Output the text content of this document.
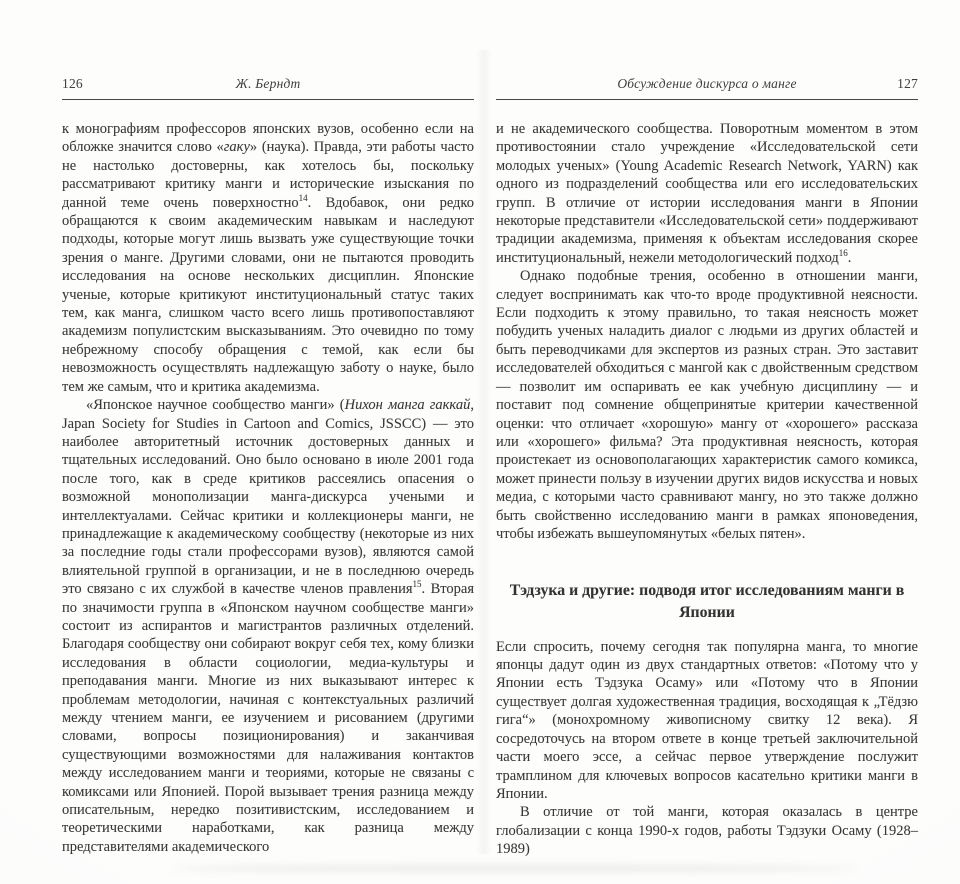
126	Ж. Берндт

к монографиям профессоров японских вузов, особенно если на обложке значится слово «гаку» (наука). Правда, эти работы часто не настолько достоверны, как хотелось бы, поскольку рассматривают критику манги и исторические изыскания по данной теме очень поверхностно$^{14}$. Вдобавок, они редко обращаются к своим академическим навыкам и наследуют подходы, которые могут лишь вызвать уже существующие точки зрения о манге. Другими словами, они не пытаются проводить исследования на основе нескольких дисциплин. Японские ученые, которые критикуют институциональный статус таких тем, как манга, слишком часто всего лишь противопоставляют академизм популистским высказываниям. Это очевидно по тому небрежному способу обращения с темой, как если бы невозможность осуществлять надлежащую заботу о науке, было тем же самым, что и критика академизма.

«Японское научное сообщество манги» (Нихон манга гаккай, Japan Society for Studies in Cartoon and Comics, JSSCC) — это наиболее авторитетный источник достоверных данных и тщательных исследований. Оно было основано в июле 2001 года после того, как в среде критиков рассеялись опасения о возможной монополизации манга-дискурса учеными и интеллектуалами. Сейчас критики и коллекционеры манги, не принадлежащие к академическому сообществу (некоторые из них за последние годы стали профессорами вузов), являются самой влиятельной группой в организации, и не в последнюю очередь это связано с их службой в качестве членов правления$^{15}$. Вторая по значимости группа в «Японском научном сообществе манги» состоит из аспирантов и магистрантов различных отделений. Благодаря сообществу они собирают вокруг себя тех, кому близки исследования в области социологии, медиа-культуры и преподавания манги. Многие из них выказывают интерес к проблемам методологии, начиная с контекстуальных различий между чтением манги, ее изучением и рисованием (другими словами, вопросы позиционирования) и заканчивая существующими возможностями для налаживания контактов между исследованием манги и теориями, которые не связаны с комиксами или Японией. Порой вызывает трения разница между описательным, нередко позитивистским, исследованием и теоретическими наработками, как разница между представителями академического

Обсуждение дискурса о манге	127

и не академического сообщества. Поворотным моментом в этом противостоянии стало учреждение «Исследовательской сети молодых ученых» (Young Academic Research Network, YARN) как одного из подразделений сообщества или его исследовательских групп. В отличие от истории исследования манги в Японии некоторые представители «Исследовательской сети» поддерживают традиции академизма, применяя к объектам исследования скорее институциональный, нежели методологический подход$^{16}$.

Однако подобные трения, особенно в отношении манги, следует воспринимать как что-то вроде продуктивной неясности. Если подходить к этому правильно, то такая неясность может побудить ученых наладить диалог с людьми из других областей и быть переводчиками для экспертов из разных стран. Это заставит исследователей обходиться с мангой как с двойственным средством — позволит им оспаривать ее как учебную дисциплину — и поставит под сомнение общепринятые критерии качественной оценки: что отличает «хорошую» мангу от «хорошего» рассказа или «хорошего» фильма? Эта продуктивная неясность, которая проистекает из основополагающих характеристик самого комикса, может принести пользу в изучении других видов искусства и новых медиа, с которыми часто сравнивают мангу, но это также должно быть свойственно исследованию манги в рамках японоведения, чтобы избежать вышеупомянутых «белых пятен».

Тэдзука и другие: подводя итог исследованиям манги в Японии

Если спросить, почему сегодня так популярна манга, то многие японцы дадут один из двух стандартных ответов: «Потому что у Японии есть Тэдзука Осаму» или «Потому что в Японии существует долгая художественная традиция, восходящая к „Тёдзю гига“» (монохромному живописному свитку 12 века). Я сосредоточусь на втором ответе в конце третьей заключительной части моего эссе, а сейчас первое утверждение послужит трамплином для ключевых вопросов касательно критики манги в Японии.

В отличие от той манги, которая оказалась в центре глобализации с конца 1990-х годов, работы Тэдзуки Осаму (1928–1989)
